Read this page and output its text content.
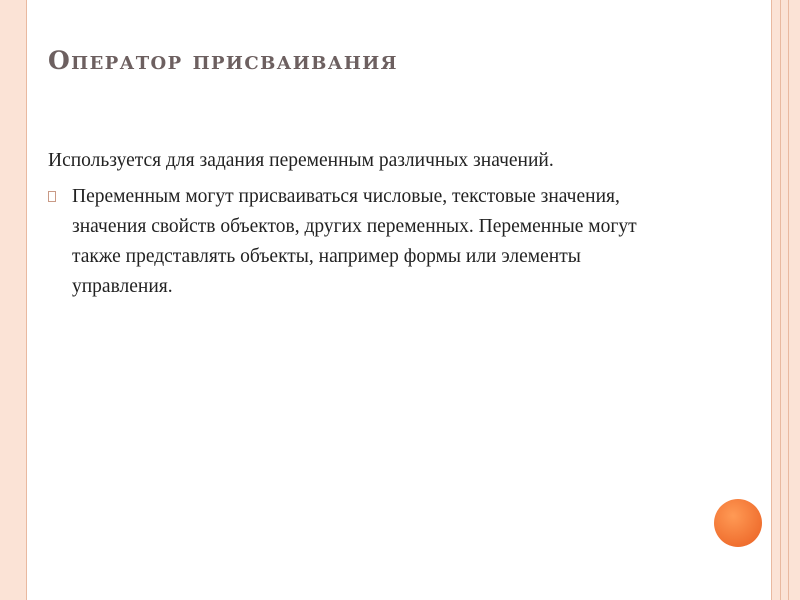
Оператор присваивания

Используется для задания переменным различных значений.

Переменным могут присваиваться числовые, текстовые значения, значения свойств объектов, других переменных. Переменные могут также представлять объекты, например формы или элементы управления.
